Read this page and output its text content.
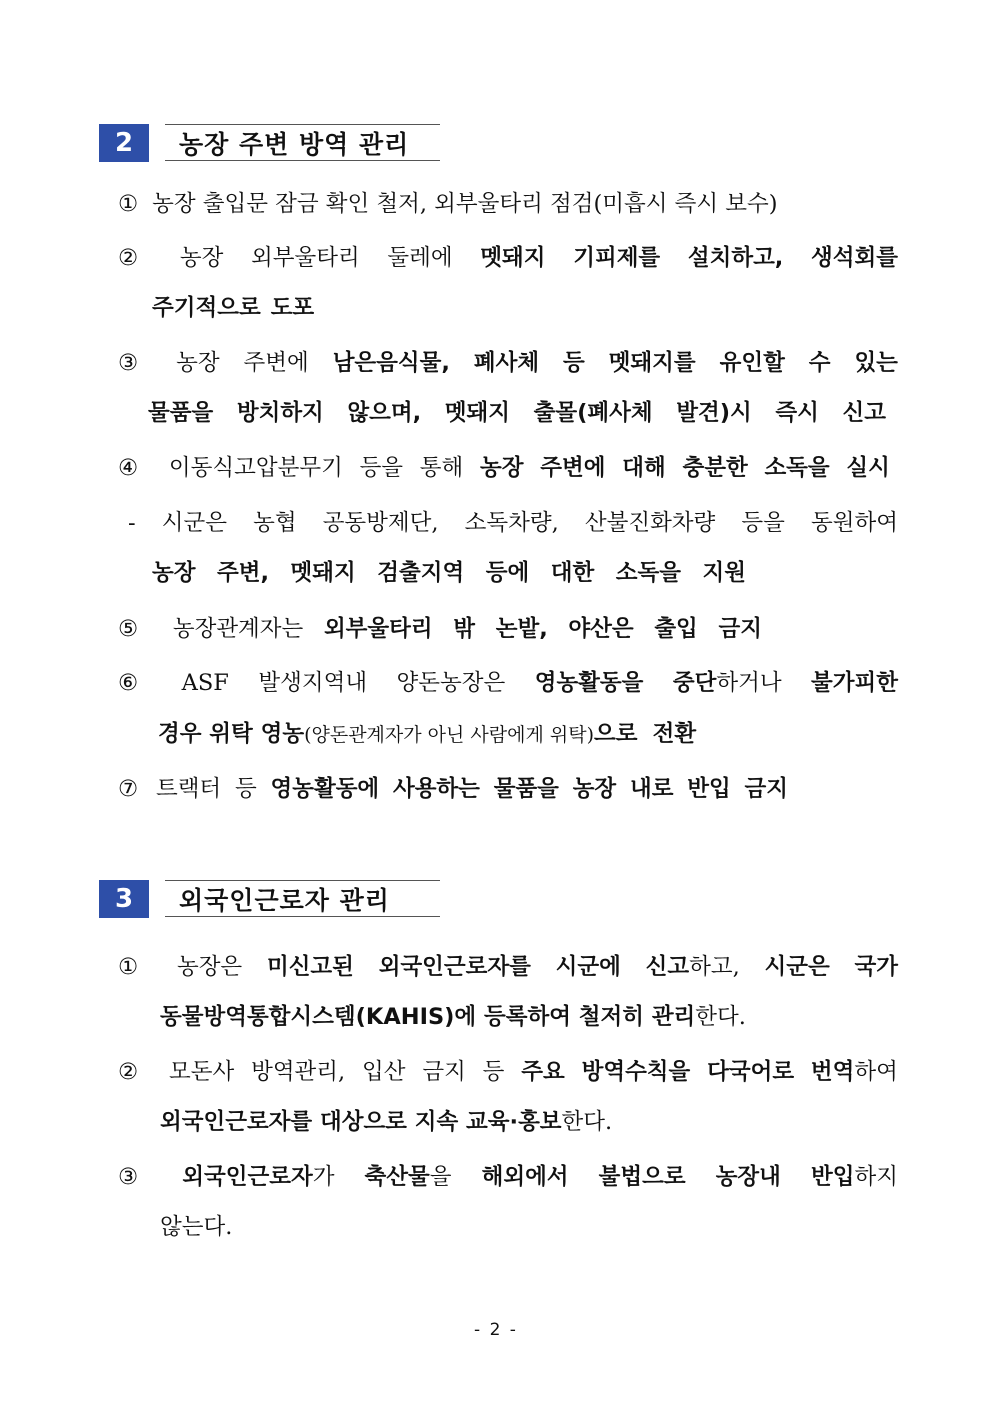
2	농장 주변 방역 관리
① 농장 출입문 잠금 확인 철저, 외부울타리 점검(미흡시 즉시 보수)
② 농장 외부울타리 둘레에 멧돼지 기피제를 설치하고, 생석회를
주기적으로 도포
③ 농장 주변에 남은음식물, 폐사체 등 멧돼지를 유인할 수 있는
물품을 방치하지 않으며, 멧돼지 출몰(폐사체 발견)시 즉시 신고
④ 이동식고압분무기 등을 통해 농장 주변에 대해 충분한 소독을 실시
- 시군은 농협 공동방제단, 소독차량, 산불진화차량 등을 동원하여
농장 주변, 멧돼지 검출지역 등에 대한 소독을 지원
⑤ 농장관계자는 외부울타리 밖 논밭, 야산은 출입 금지
⑥ ASF 발생지역내 양돈농장은 영농활동을 중단하거나 불가피한
경우 위탁 영농(양돈관계자가 아닌 사람에게 위탁)으로 전환
⑦ 트랙터 등 영농활동에 사용하는 물품을 농장 내로 반입 금지
3	외국인근로자 관리
① 농장은 미신고된 외국인근로자를 시군에 신고하고, 시군은 국가
동물방역통합시스템(KAHIS)에 등록하여 철저히 관리한다.
② 모돈사 방역관리, 입산 금지 등 주요 방역수칙을 다국어로 번역하여
외국인근로자를 대상으로 지속 교육·홍보한다.
③ 외국인근로자가 축산물을 해외에서 불법으로 농장내 반입하지
않는다.
- 2 -
